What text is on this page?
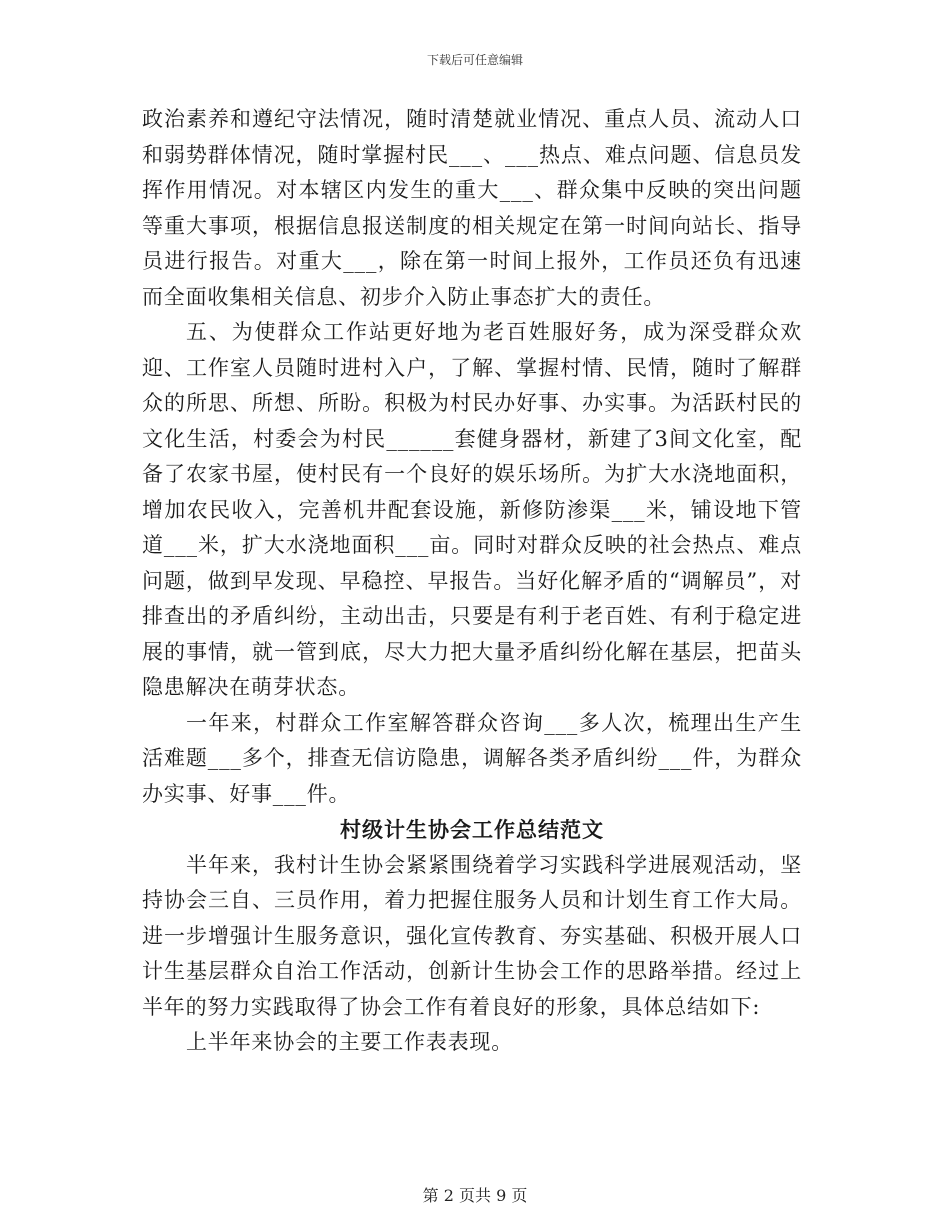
下载后可任意编辑

政治素养和遵纪守法情况，随时清楚就业情况、重点人员、流动人口和弱势群体情况，随时掌握村民___、___热点、难点问题、信息员发挥作用情况。对本辖区内发生的重大___、群众集中反映的突出问题等重大事项，根据信息报送制度的相关规定在第一时间向站长、指导员进行报告。对重大___，除在第一时间上报外，工作员还负有迅速而全面收集相关信息、初步介入防止事态扩大的责任。

五、为使群众工作站更好地为老百姓服好务，成为深受群众欢迎、工作室人员随时进村入户，了解、掌握村情、民情，随时了解群众的所思、所想、所盼。积极为村民办好事、办实事。为活跃村民的文化生活，村委会为村民______套健身器材，新建了3间文化室，配备了农家书屋，使村民有一个良好的娱乐场所。为扩大水浇地面积，增加农民收入，完善机井配套设施，新修防渗渠___米，铺设地下管道___米，扩大水浇地面积___亩。同时对群众反映的社会热点、难点问题，做到早发现、早稳控、早报告。当好化解矛盾的“调解员”，对排查出的矛盾纠纷，主动出击，只要是有利于老百姓、有利于稳定进展的事情，就一管到底，尽大力把大量矛盾纠纷化解在基层，把苗头隐患解决在萌芽状态。

一年来，村群众工作室解答群众咨询___多人次，梳理出生产生活难题___多个，排查无信访隐患，调解各类矛盾纠纷___件，为群众办实事、好事___件。

村级计生协会工作总结范文

半年来，我村计生协会紧紧围绕着学习实践科学进展观活动，坚持协会三自、三员作用，着力把握住服务人员和计划生育工作大局。进一步增强计生服务意识，强化宣传教育、夯实基础、积极开展人口计生基层群众自治工作活动，创新计生协会工作的思路举措。经过上半年的努力实践取得了协会工作有着良好的形象，具体总结如下:

上半年来协会的主要工作表表现。

第 2 页共 9 页
